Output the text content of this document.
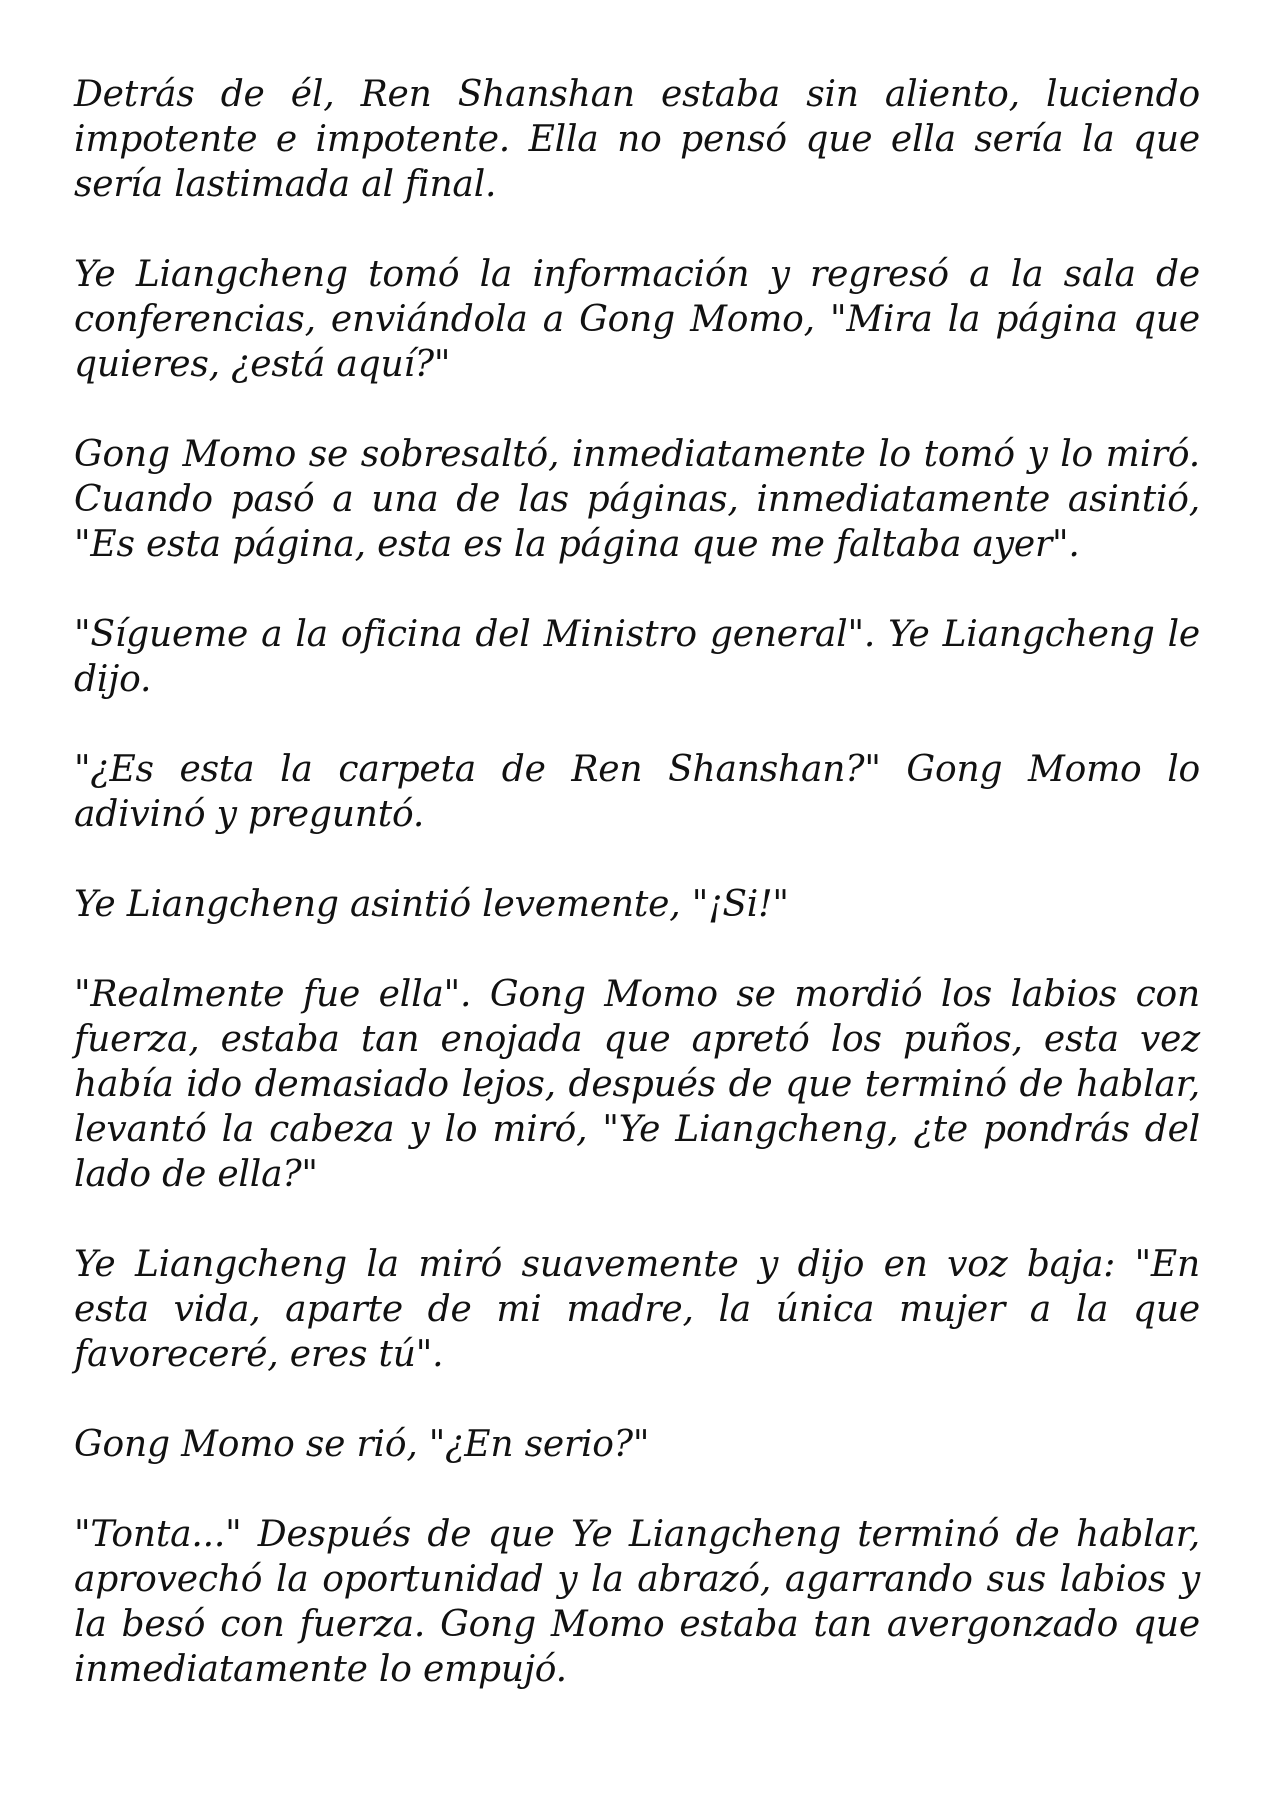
Detrás de él, Ren Shanshan estaba sin aliento, luciendo impotente e impotente. Ella no pensó que ella sería la que sería lastimada al final.

Ye Liangcheng tomó la información y regresó a la sala de conferencias, enviándola a Gong Momo, "Mira la página que quieres, ¿está aquí?"

Gong Momo se sobresaltó, inmediatamente lo tomó y lo miró. Cuando pasó a una de las páginas, inmediatamente asintió, "Es esta página, esta es la página que me faltaba ayer".

"Sígueme a la oficina del Ministro general". Ye Liangcheng le dijo.

"¿Es esta la carpeta de Ren Shanshan?" Gong Momo lo adivinó y preguntó.

Ye Liangcheng asintió levemente, "¡Si!"

"Realmente fue ella". Gong Momo se mordió los labios con fuerza, estaba tan enojada que apretó los puños, esta vez había ido demasiado lejos, después de que terminó de hablar, levantó la cabeza y lo miró, "Ye Liangcheng, ¿te pondrás del lado de ella?"

Ye Liangcheng la miró suavemente y dijo en voz baja: "En esta vida, aparte de mi madre, la única mujer a la que favoreceré, eres tú".

Gong Momo se rió, "¿En serio?"

"Tonta..." Después de que Ye Liangcheng terminó de hablar, aprovechó la oportunidad y la abrazó, agarrando sus labios y la besó con fuerza. Gong Momo estaba tan avergonzado que inmediatamente lo empujó.
